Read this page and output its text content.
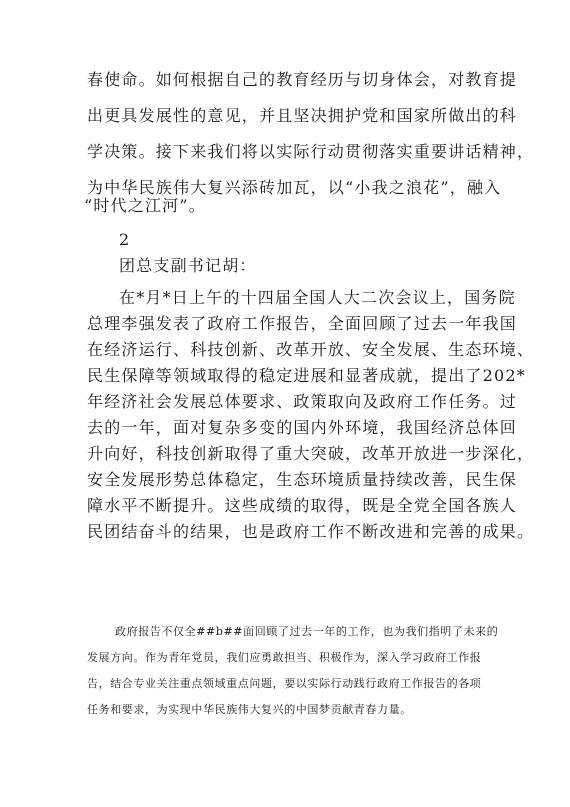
春使命。如何根据自己的教育经历与切身体会，对教育提
出更具发展性的意见，并且坚决拥护党和国家所做出的科
学决策。接下来我们将以实际行动贯彻落实重要讲话精神，
为中华民族伟大复兴添砖加瓦，以“小我之浪花”，融入
“时代之江河”。
2
团总支副书记胡：
在*月*日上午的十四届全国人大二次会议上，国务院
总理李强发表了政府工作报告，全面回顾了过去一年我国
在经济运行、科技创新、改革开放、安全发展、生态环境、
民生保障等领域取得的稳定进展和显著成就，提出了202*
年经济社会发展总体要求、政策取向及政府工作任务。过
去的一年，面对复杂多变的国内外环境，我国经济总体回
升向好，科技创新取得了重大突破，改革开放进一步深化，
安全发展形势总体稳定，生态环境质量持续改善，民生保
障水平不断提升。这些成绩的取得，既是全党全国各族人
民团结奋斗的结果，也是政府工作不断改进和完善的成果。
政府报告不仅全##b##面回顾了过去一年的工作，也为我们指明了未来的
发展方向。作为青年党员，我们应勇敢担当、积极作为，深入学习政府工作报
告，结合专业关注重点领域重点问题，要以实际行动践行政府工作报告的各项
任务和要求，为实现中华民族伟大复兴的中国梦贡献青春力量。
